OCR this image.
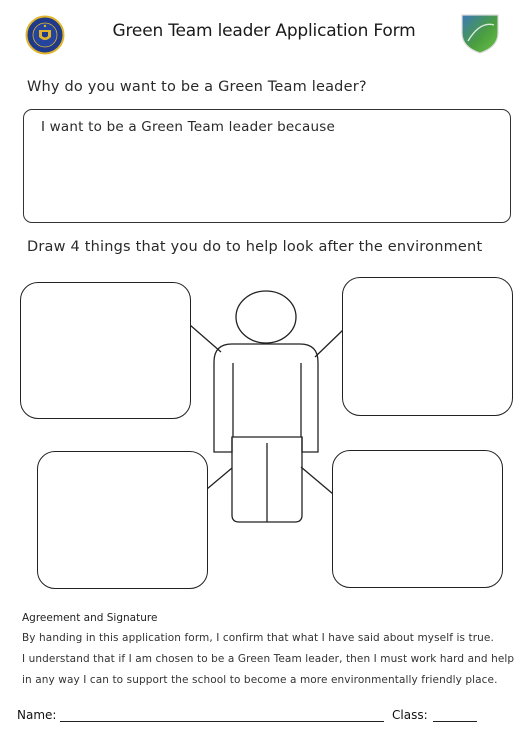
Green Team leader Application Form
Why do you want to be a Green Team leader?
I want to be a Green Team leader because
Draw 4 things that you do to help look after the environment
Agreement and Signature
By handing in this application form, I confirm that what I have said about myself is true.
I understand that if I am chosen to be a Green Team leader, then I must work hard and help
in any way I can to support the school to become a more environmentally friendly place.
Name:	Class:
